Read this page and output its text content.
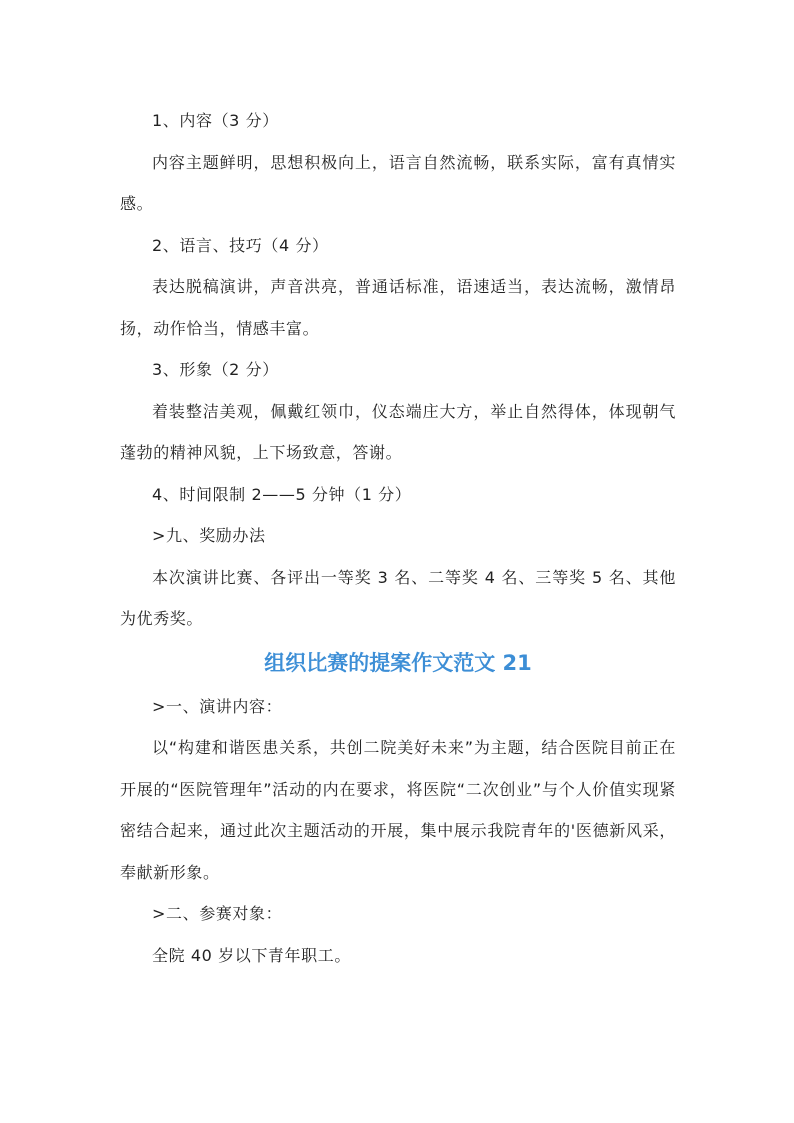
1、内容（3 分）

内容主题鲜明，思想积极向上，语言自然流畅，联系实际，富有真情实感。

2、语言、技巧（4 分）

表达脱稿演讲，声音洪亮，普通话标准，语速适当，表达流畅，激情昂扬，动作恰当，情感丰富。

3、形象（2 分）

着装整洁美观，佩戴红领巾，仪态端庄大方，举止自然得体，体现朝气蓬勃的精神风貌，上下场致意，答谢。

4、时间限制 2——5 分钟（1 分）

>九、奖励办法

本次演讲比赛、各评出一等奖 3 名、二等奖 4 名、三等奖 5 名、其他为优秀奖。

组织比赛的提案作文范文 21

>一、演讲内容：

以“构建和谐医患关系，共创二院美好未来”为主题，结合医院目前正在开展的“医院管理年”活动的内在要求，将医院“二次创业”与个人价值实现紧密结合起来，通过此次主题活动的开展，集中展示我院青年的'医德新风采，奉献新形象。

>二、参赛对象：

全院 40 岁以下青年职工。
